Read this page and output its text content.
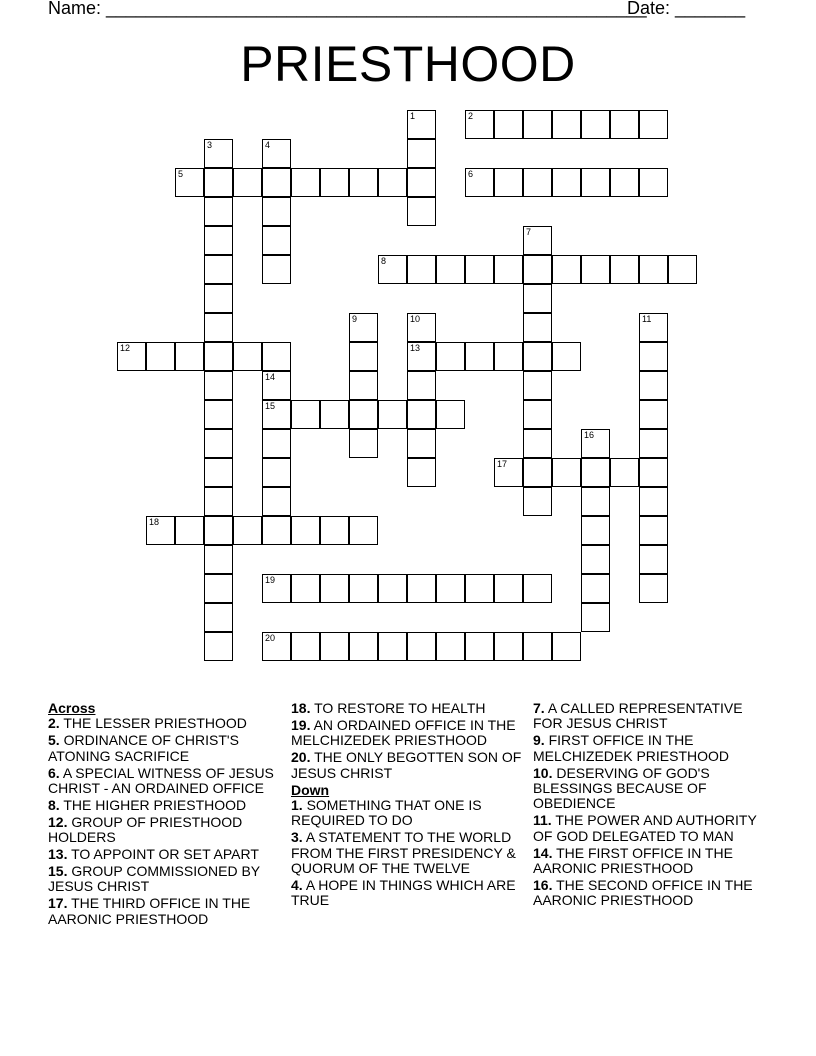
Name: ______________________________________________________
Date: _______
PRIESTHOOD
1	2
3	4
5	6
7
8
9	10
13
11
12
14
15
16
17
18
19
20
Across
2. THE LESSER PRIESTHOOD
5. ORDINANCE OF CHRIST'S ATONING SACRIFICE
6. A SPECIAL WITNESS OF JESUS CHRIST - AN ORDAINED OFFICE
8. THE HIGHER PRIESTHOOD
12. GROUP OF PRIESTHOOD HOLDERS
13. TO APPOINT OR SET APART
15. GROUP COMMISSIONED BY JESUS CHRIST
17. THE THIRD OFFICE IN THE AARONIC PRIESTHOOD
18. TO RESTORE TO HEALTH
19. AN ORDAINED OFFICE IN THE MELCHIZEDEK PRIESTHOOD
20. THE ONLY BEGOTTEN SON OF JESUS CHRIST
Down
1. SOMETHING THAT ONE IS REQUIRED TO DO
3. A STATEMENT TO THE WORLD FROM THE FIRST PRESIDENCY & QUORUM OF THE TWELVE
4. A HOPE IN THINGS WHICH ARE TRUE
7. A CALLED REPRESENTATIVE FOR JESUS CHRIST
9. FIRST OFFICE IN THE MELCHIZEDEK PRIESTHOOD
10. DESERVING OF GOD'S BLESSINGS BECAUSE OF OBEDIENCE
11. THE POWER AND AUTHORITY OF GOD DELEGATED TO MAN
14. THE FIRST OFFICE IN THE AARONIC PRIESTHOOD
16. THE SECOND OFFICE IN THE AARONIC PRIESTHOOD
